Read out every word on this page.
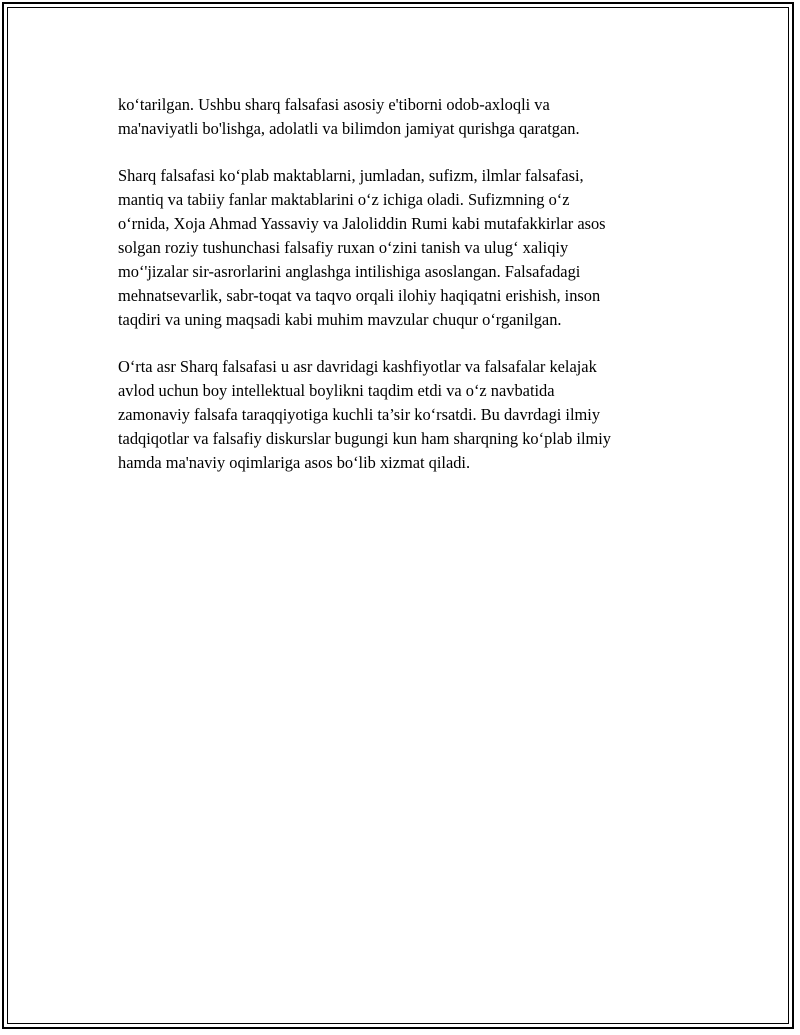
ko‘tarilgan. Ushbu sharq falsafasi asosiy e'tiborni odob-axloqli va
ma'naviyatli bo'lishga, adolatli va bilimdon jamiyat qurishga qaratgan.

Sharq falsafasi ko‘plab maktablarni, jumladan, sufizm, ilmlar falsafasi,
mantiq va tabiiy fanlar maktablarini o‘z ichiga oladi. Sufizmning o‘z
o‘rnida, Xoja Ahmad Yassaviy va Jaloliddin Rumi kabi mutafakkirlar asos
solgan roziy tushunchasi falsafiy ruxan o‘zini tanish va ulug‘ xaliqiy
mo‘'jizalar sir-asrorlarini anglashga intilishiga asoslangan. Falsafadagi
mehnatsevarlik, sabr-toqat va taqvo orqali ilohiy haqiqatni erishish, inson
taqdiri va uning maqsadi kabi muhim mavzular chuqur o‘rganilgan.

O‘rta asr Sharq falsafasi u asr davridagi kashfiyotlar va falsafalar kelajak
avlod uchun boy intellektual boylikni taqdim etdi va o‘z navbatida
zamonaviy falsafa taraqqiyotiga kuchli ta’sir ko‘rsatdi. Bu davrdagi ilmiy
tadqiqotlar va falsafiy diskurslar bugungi kun ham sharqning ko‘plab ilmiy
hamda ma'naviy oqimlariga asos bo‘lib xizmat qiladi.
